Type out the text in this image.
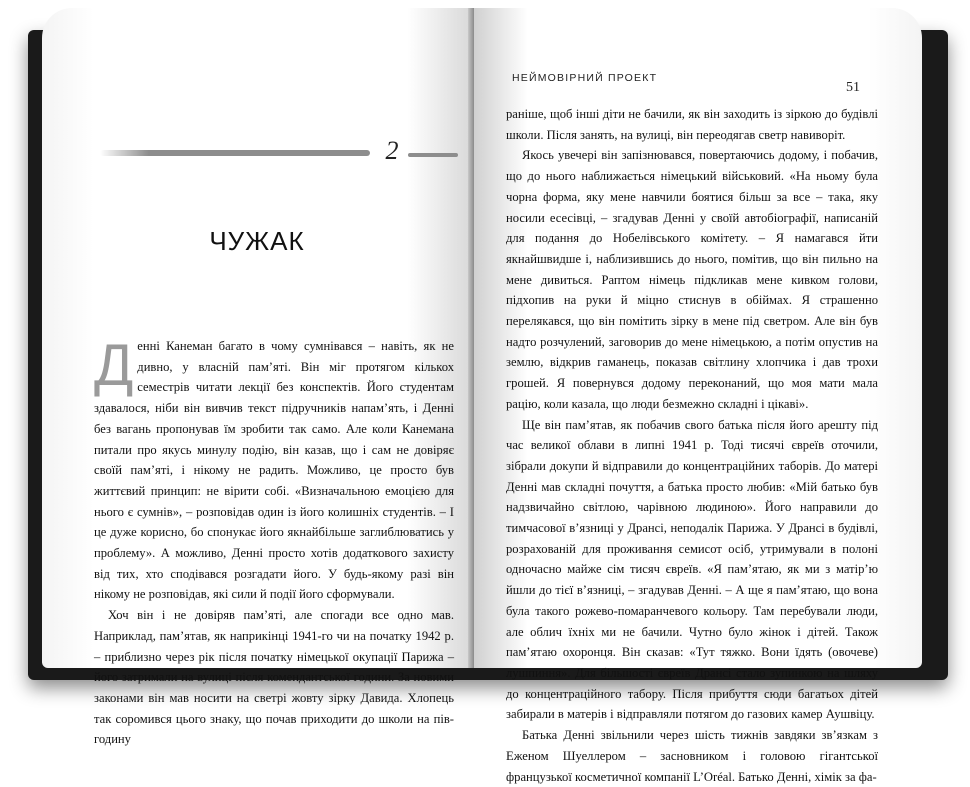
2
ЧУЖАК

Денні Канеман багато в чому сумнівався – навіть, як не дивно, у власній пам’яті. Він міг протягом кількох семестрів читати лекції без конспектів. Його студентам здавалося, ніби він вивчив текст підручників напам’ять, і Денні без вагань пропонував їм зробити так само. Але коли Канемана питали про якусь минулу подію, він казав, що і сам не довіряє своїй пам’яті, і нікому не радить. Можливо, це просто був життєвий принцип: не вірити собі. «Визначальною емоцією для нього є сумнів», – розповідав один із його колишніх студентів. – І це дуже корисно, бо спонукає його якнайбільше заглиблюватись у проблему». А можливо, Денні просто хотів додаткового захисту від тих, хто сподівався розгадати його. У будь-якому разі він нікому не розповідав, які сили й події його сформували.

Хоч він і не довіряв пам’яті, але спогади все одно мав. Наприклад, пам’ятав, як наприкінці 1941-го чи на початку 1942 р. – приблизно через рік після початку німецької окупації Парижа – його затримали на вулиці після комендантської години. За новими законами він мав носити на светрі жовту зірку Давида. Хлопець так соромився цього знаку, що почав приходити до школи на півгодину

НЕЙМОВІРНИЙ ПРОЕКТ
51

раніше, щоб інші діти не бачили, як він заходить із зіркою до будівлі школи. Після занять, на вулиці, він переодягав светр навиворіт.

Якось увечері він запізнювався, повертаючись додому, і побачив, що до нього наближається німецький військовий. «На ньому була чорна форма, яку мене навчили боятися більш за все – така, яку носили есесівці, – згадував Денні у своїй автобіографії, написаній для подання до Нобелівського комітету. – Я намагався йти якнайшвидше і, наблизившись до нього, помітив, що він пильно на мене дивиться. Раптом німець підкликав мене кивком голови, підхопив на руки й міцно стиснув в обіймах. Я страшенно перелякався, що він помітить зірку в мене під светром. Але він був надто розчулений, заговорив до мене німецькою, а потім опустив на землю, відкрив гаманець, показав світлину хлопчика і дав трохи грошей. Я повернувся додому переконаний, що моя мати мала рацію, коли казала, що люди безмежно складні і цікаві».

Ще він пам’ятав, як побачив свого батька після його арешту під час великої облави в липні 1941 р. Тоді тисячі євреїв оточили, зібрали докупи й відправили до концентраційних таборів. До матері Денні мав складні почуття, а батька просто любив: «Мій батько був надзвичайно світлою, чарівною людиною». Його направили до тимчасової в’язниці у Дрансі, неподалік Парижа. У Дрансі в будівлі, розрахованій для проживання семисот осіб, утримували в полоні одночасно майже сім тисяч євреїв. «Я пам’ятаю, як ми з матір’ю йшли до тієї в’язниці, – згадував Денні. – А ще я пам’ятаю, що вона була такого рожево-помаранчевого кольору. Там перебували люди, але облич їхніх ми не бачили. Чутно було жінок і дітей. Також пам’ятаю охоронця. Він сказав: «Тут тяжко. Вони їдять (овочеве) лушпиння». Для більшості євреїв Дрансі стало зупинкою на шляху до концентраційного табору. Після прибуття сюди багатьох дітей забирали в матерів і відправляли потягом до газових камер Аушвіцу.

Батька Денні звільнили через шість тижнів завдяки зв’язкам з Еженом Шуеллером – засновником і головою гігантської французької косметичної компанії L’Oréal. Батько Денні, хімік за фа-
